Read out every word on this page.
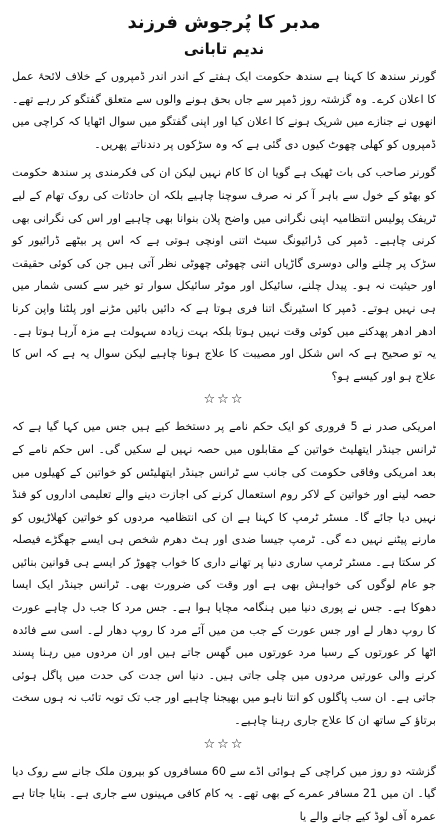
مدبر کا پُرجوش فرزند
ندیم تابانی

گورنر سندھ کا کہنا ہے سندھ حکومت ایک ہفتے کے اندر اندر ڈمپروں کے خلاف لائحۂ عمل کا اعلان کرے۔ وہ گزشتہ روز ڈمپر سے جاں بحق ہونے والوں سے متعلق گفتگو کر رہے تھے۔ انھوں نے جنازے میں شریک ہونے کا اعلان کیا اور اپنی گفتگو میں سوال اٹھایا کہ کراچی میں ڈمپروں کو کھلی چھوٹ کیوں دی گئی ہے کہ وہ سڑکوں پر دندناتے پھریں۔

گورنر صاحب کی بات ٹھیک ہے گویا ان کا کام نہیں لیکن ان کی فکرمندی پر سندھ حکومت کو بھٹو کے خول سے باہر آ کر نہ صرف سوچنا چاہیے بلکہ ان حادثات کی روک تھام کے لیے ٹریفک پولیس انتظامیہ اپنی نگرانی میں واضح پلان بنوانا بھی چاہیے اور اس کی نگرانی بھی کرنی چاہیے۔ ڈمپر کی ڈرائیونگ سیٹ اتنی اونچی ہوتی ہے کہ اس پر بیٹھے ڈرائیور کو سڑک پر چلنے والی دوسری گاڑیاں اتنی چھوٹی چھوٹی نظر آتی ہیں جن کی کوئی حقیقت اور حیثیت نہ ہو۔ پیدل چلنے، سائیکل اور موٹر سائیکل سوار تو خیر سے کسی شمار میں ہی نہیں ہوتے۔ ڈمپر کا اسٹیرنگ اتنا فری ہوتا ہے کہ دائیں بائیں مڑنے اور پلٹنا واپن کرنا ادھر ادھر پھدکنے میں کوئی وقت نہیں ہوتا بلکہ بہت زیادہ سہولت ہے مزہ آرہا ہوتا ہے۔ یہ تو صحیح ہے کہ اس شکل اور مصیبت کا علاج ہونا چاہیے لیکن سوال یہ ہے کہ اس کا علاج ہو اور کیسے ہو؟

☆☆☆

امریکی صدر نے 5 فروری کو ایک حکم نامے پر دستخط کیے ہیں جس میں کہا گیا ہے کہ ٹرانس جینڈر ایتھلیٹ خواتین کے مقابلوں میں حصہ نہیں لے سکیں گی۔ اس حکم نامے کے بعد امریکی وفاقی حکومت کی جانب سے ٹرانس جینڈر ایتھلیٹس کو خواتین کے کھیلوں میں حصہ لینے اور خواتین کے لاکر روم استعمال کرنے کی اجازت دینے والے تعلیمی اداروں کو فنڈ نہیں دیا جائے گا۔ مسٹر ٹرمپ کا کہنا ہے ان کی انتظامیہ مردوں کو خواتین کھلاڑیوں کو مارنے پیٹنے نہیں دے گی۔ ٹرمپ جیسا ضدی اور ہٹ دھرم شخص ہی ایسے جھگڑے فیصلہ کر سکتا ہے۔ مسٹر ٹرمپ ساری دنیا پر تھانے داری کا خواب چھوڑ کر ایسے ہی قوانین بنائیں جو عام لوگوں کی خواہش بھی ہے اور وقت کی ضرورت بھی۔ ٹرانس جینڈر ایک ایسا دھوکا ہے۔ جس نے پوری دنیا میں ہنگامہ مچایا ہوا ہے۔ جس مرد کا جب دل چاہے عورت کا روپ دھار لے اور جس عورت کے جب من میں آئے مرد کا روپ دھار لے۔ اسی سے فائدہ اٹھا کر عورتوں کے رسیا مرد عورتوں میں گھس جاتے ہیں اور ان مردوں میں رہنا پسند کرنے والی عورتیں مردوں میں چلی جاتی ہیں۔ دنیا اس جدت کی حدت میں پاگل ہوئی جاتی ہے۔ ان سب پاگلوں کو انتا ناہو میں بھیجنا چاہیے اور جب تک توبہ تائب نہ ہوں سخت برتاؤ کے ساتھ ان کا علاج جاری رہنا چاہیے۔

☆☆☆

گزشتہ دو روز میں کراچی کے ہوائی اڈے سے 60 مسافروں کو بیرون ملک جانے سے روک دیا گیا۔ ان میں 21 مسافر عمرے کے بھی تھے۔ یہ کام کافی مہینوں سے جاری ہے۔ بتایا جاتا ہے عمرہ آف لوڈ کیے جانے والے یا
